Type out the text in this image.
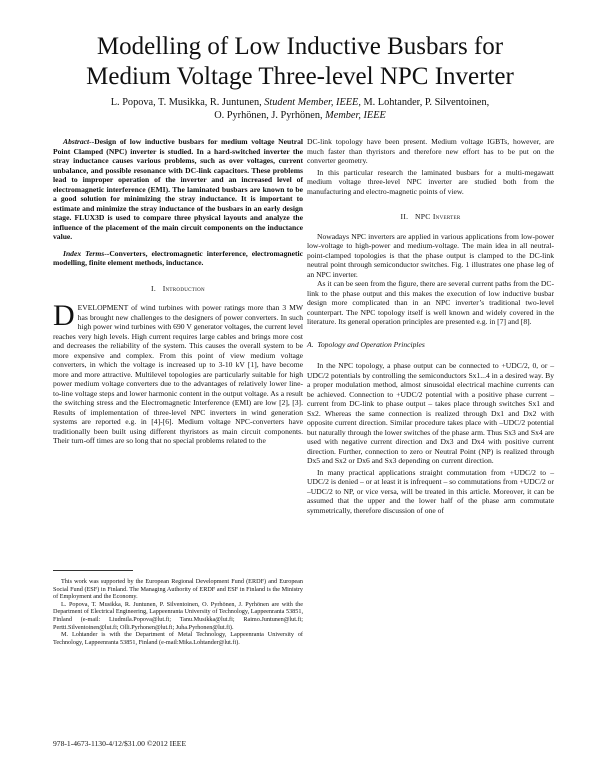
Modelling of Low Inductive Busbars for
Medium Voltage Three-level NPC Inverter
L. Popova, T. Musikka, R. Juntunen, Student Member, IEEE, M. Lohtander, P. Silventoinen,
O. Pyrhönen, J. Pyrhönen, Member, IEEE

Abstract--Design of low inductive busbars for medium voltage Neutral Point Clamped (NPC) inverter is studied. In a hard-switched inverter the stray inductance causes various problems, such as over voltages, current unbalance, and possible resonance with DC-link capacitors. These problems lead to improper operation of the inverter and an increased level of electromagnetic interference (EMI). The laminated busbars are known to be a good solution for minimizing the stray inductance. It is important to estimate and minimize the stray inductance of the busbars in an early design stage. FLUX3D is used to compare three physical layouts and analyze the influence of the placement of the main circuit components on the inductance value.

Index Terms--Converters, electromagnetic interference, electromagnetic modelling, finite element methods, inductance.

I. Introduction

DEVELOPMENT of wind turbines with power ratings more than 3 MW has brought new challenges to the designers of power converters. In such high power wind turbines with 690 V generator voltages, the current level reaches very high levels. High current requires large cables and brings more cost and decreases the reliability of the system. This causes the overall system to be more expensive and complex. From this point of view medium voltage converters, in which the voltage is increased up to 3-10 kV [1], have become more and more attractive. Multilevel topologies are particularly suitable for high power medium voltage converters due to the advantages of relatively lower line-to-line voltage steps and lower harmonic content in the output voltage. As a result the switching stress and the Electromagnetic Interference (EMI) are low [2], [3]. Results of implementation of three-level NPC inverters in wind generation systems are reported e.g. in [4]-[6]. Medium voltage NPC-converters have traditionally been built using different thyristors as main circuit components. Their turn-off times are so long that no special problems related to the

This work was supported by the European Regional Development Fund (ERDF) and European Social Fund (ESF) in Finland. The Managing Authority of ERDF and ESF in Finland is the Ministry of Employment and the Economy.

L. Popova, T. Musikka, R. Juntunen, P. Silventoinen, O. Pyrhönen, J. Pyrhönen are with the Department of Electrical Engineering, Lappeenranta University of Technology, Lappeenranta 53851, Finland (e-mail: Liudmila.Popova@lut.fi; Tanu.Musikka@lut.fi; Raimo.Juntunen@lut.fi; Pertti.Silventoinen@lut.fi; Olli.Pyrhonen@lut.fi; Juha.Pyrhonen@lut.fi).

M. Lohtander is with the Department of Metal Technology, Lappeenranta University of Technology, Lappeenranta 53851, Finland (e-mail:Mika.Lohtander@lut.fi).

978-1-4673-1130-4/12/$31.00 ©2012 IEEE

DC-link topology have been present. Medium voltage IGBTs, however, are much faster than thyristors and therefore new effort has to be put on the converter geometry.

In this particular research the laminated busbars for a multi-megawatt medium voltage three-level NPC inverter are studied both from the manufacturing and electro-magnetic points of view.

II. NPC Inverter

Nowadays NPC inverters are applied in various applications from low-power low-voltage to high-power and medium-voltage. The main idea in all neutral-point-clamped topologies is that the phase output is clamped to the DC-link neutral point through semiconductor switches. Fig. 1 illustrates one phase leg of an NPC inverter.

As it can be seen from the figure, there are several current paths from the DC-link to the phase output and this makes the execution of low inductive busbar design more complicated than in an NPC inverter’s traditional two-level counterpart. The NPC topology itself is well known and widely covered in the literature. Its general operation principles are presented e.g. in [7] and [8].

A. Topology and Operation Principles

In the NPC topology, a phase output can be connected to +UDC/2, 0, or –UDC/2 potentials by controlling the semiconductors Sx1...4 in a desired way. By a proper modulation method, almost sinusoidal electrical machine currents can be achieved. Connection to +UDC/2 potential with a positive phase current – current from DC-link to phase output – takes place through switches Sx1 and Sx2. Whereas the same connection is realized through Dx1 and Dx2 with opposite current direction. Similar procedure takes place with –UDC/2 potential but naturally through the lower switches of the phase arm. Thus Sx3 and Sx4 are used with negative current direction and Dx3 and Dx4 with positive current direction. Further, connection to zero or Neutral Point (NP) is realized through Dx5 and Sx2 or Dx6 and Sx3 depending on current direction.

In many practical applications straight commutation from +UDC/2 to –UDC/2 is denied – or at least it is infrequent – so commutations from +UDC/2 or –UDC/2 to NP, or vice versa, will be treated in this article. Moreover, it can be assumed that the upper and the lower half of the phase arm commutate symmetrically, therefore discussion of one of
